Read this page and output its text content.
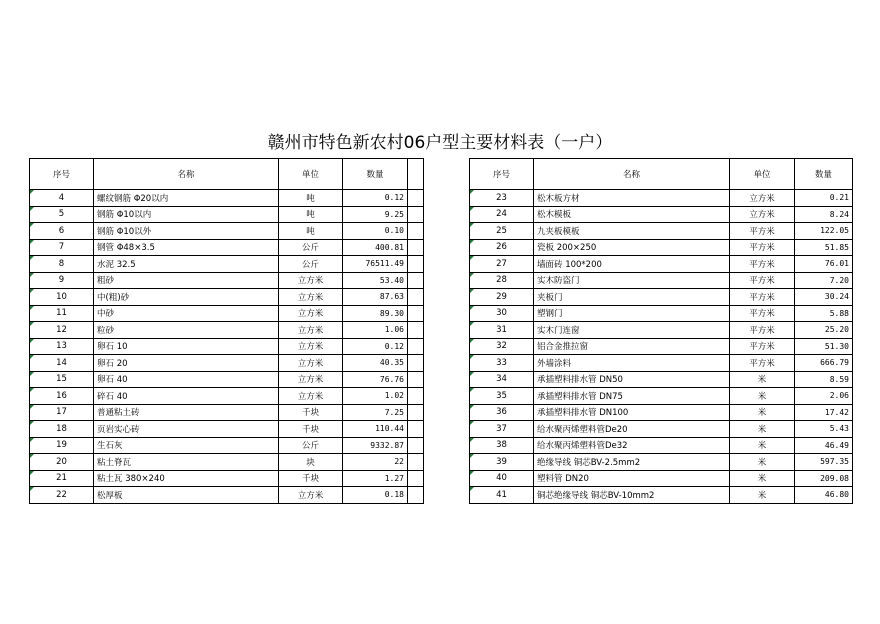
赣州市特色新农村06户型主要材料表（一户）
序号	名称	单位	数量	
4	螺纹钢筋 Φ20以内	吨	0.12	
5	钢筋 Φ10以内	吨	9.25	
6	钢筋 Φ10以外	吨	0.10	
7	钢管 Φ48×3.5	公斤	400.81	
8	水泥 32.5	公斤	76511.49	
9	粗砂	立方米	53.40	
10	中(粗)砂	立方米	87.63	
11	中砂	立方米	89.30	
12	粒砂	立方米	1.06	
13	卵石 10	立方米	0.12	
14	卵石 20	立方米	40.35	
15	卵石 40	立方米	76.76	
16	碎石 40	立方米	1.02	
17	普通粘土砖	千块	7.25	
18	页岩实心砖	千块	110.44	
19	生石灰	公斤	9332.87	
20	粘土脊瓦	块	22	
21	粘土瓦 380×240	千块	1.27	
22	松厚板	立方米	0.18	
序号	名称	单位	数量
23	松木板方材	立方米	0.21
24	松木模板	立方米	8.24
25	九夹板模板	平方米	122.05
26	瓷板 200×250	平方米	51.85
27	墙面砖 100*200	平方米	76.01
28	实木防盗门	平方米	7.20
29	夹板门	平方米	30.24
30	塑钢门	平方米	5.88
31	实木门连窗	平方米	25.20
32	铝合金推拉窗	平方米	51.30
33	外墙涂料	平方米	666.79
34	承插塑料排水管 DN50	米	8.59
35	承插塑料排水管 DN75	米	2.06
36	承插塑料排水管 DN100	米	17.42
37	给水聚丙烯塑料管De20	米	5.43
38	给水聚丙烯塑料管De32	米	46.49
39	绝缘导线 铜芯BV-2.5mm2	米	597.35
40	塑料管 DN20	米	209.08
41	铜芯绝缘导线 铜芯BV-10mm2	米	46.80
